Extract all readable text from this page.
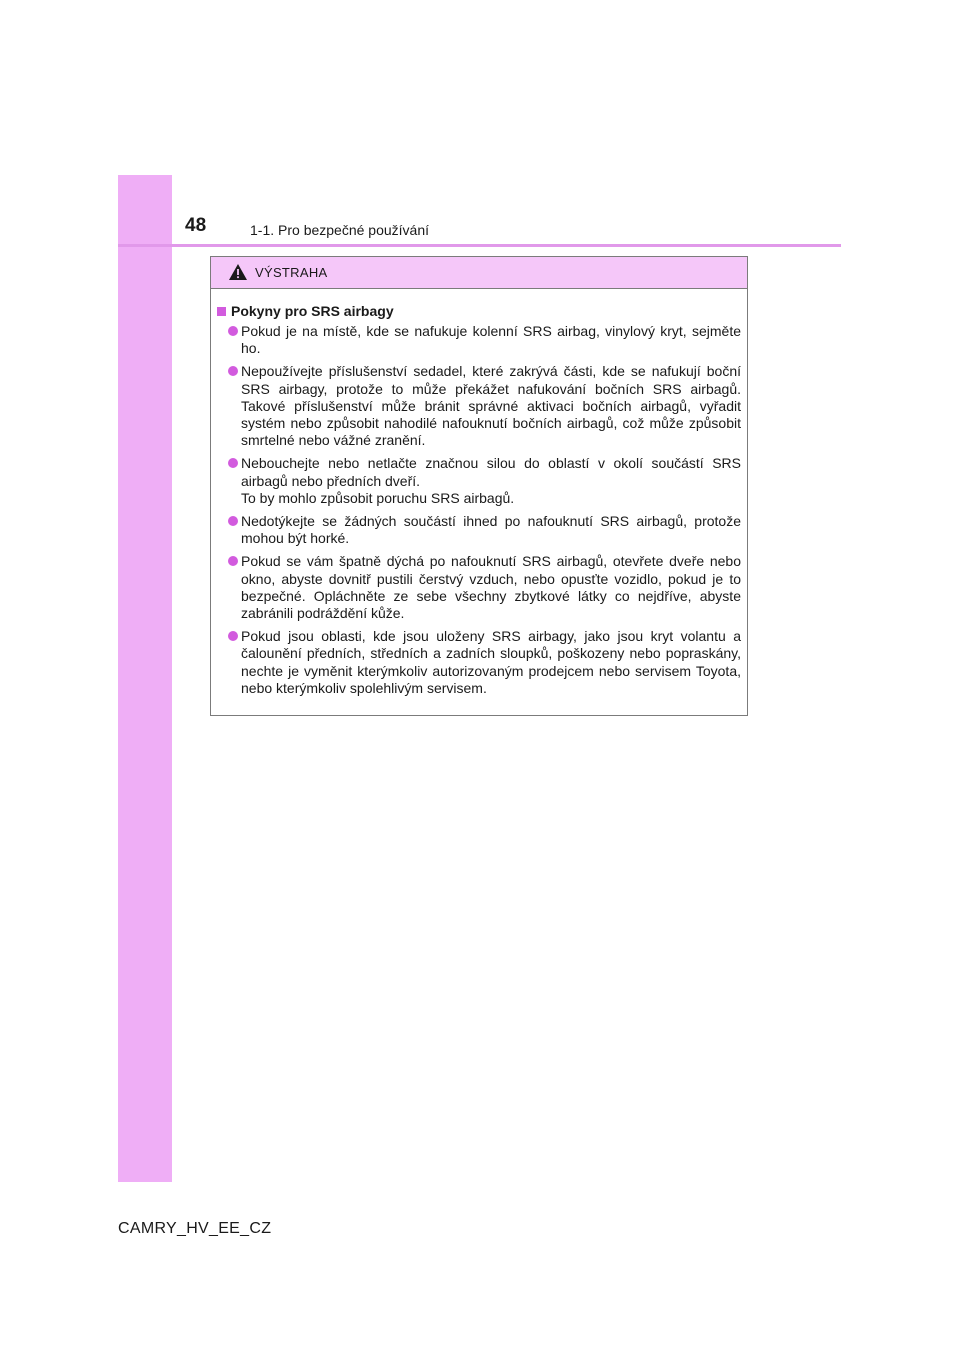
48	1-1. Pro bezpečné používání
VÝSTRAHA
Pokyny pro SRS airbagy
Pokud je na místě, kde se nafukuje kolenní SRS airbag, vinylový kryt, sejměte ho.
Nepoužívejte příslušenství sedadel, které zakrývá části, kde se nafukují boční SRS airbagy, protože to může překážet nafukování bočních SRS airbagů. Takové příslušenství může bránit správné aktivaci bočních airbagů, vyřadit systém nebo způsobit nahodilé nafouknutí bočních airbagů, což může způsobit smrtelné nebo vážné zranění.
Nebouchejte nebo netlačte značnou silou do oblastí v okolí součástí SRS airbagů nebo předních dveří.
To by mohlo způsobit poruchu SRS airbagů.
Nedotýkejte se žádných součástí ihned po nafouknutí SRS airbagů, protože mohou být horké.
Pokud se vám špatně dýchá po nafouknutí SRS airbagů, otevřete dveře nebo okno, abyste dovnitř pustili čerstvý vzduch, nebo opusťte vozidlo, pokud je to bezpečné. Opláchněte ze sebe všechny zbytkové látky co nejdříve, abyste zabránili podráždění kůže.
Pokud jsou oblasti, kde jsou uloženy SRS airbagy, jako jsou kryt volantu a čalounění předních, středních a zadních sloupků, poškozeny nebo popraskány, nechte je vyměnit kterýmkoliv autorizovaným prodejcem nebo servisem Toyota, nebo kterýmkoliv spolehlivým servisem.
CAMRY_HV_EE_CZ
